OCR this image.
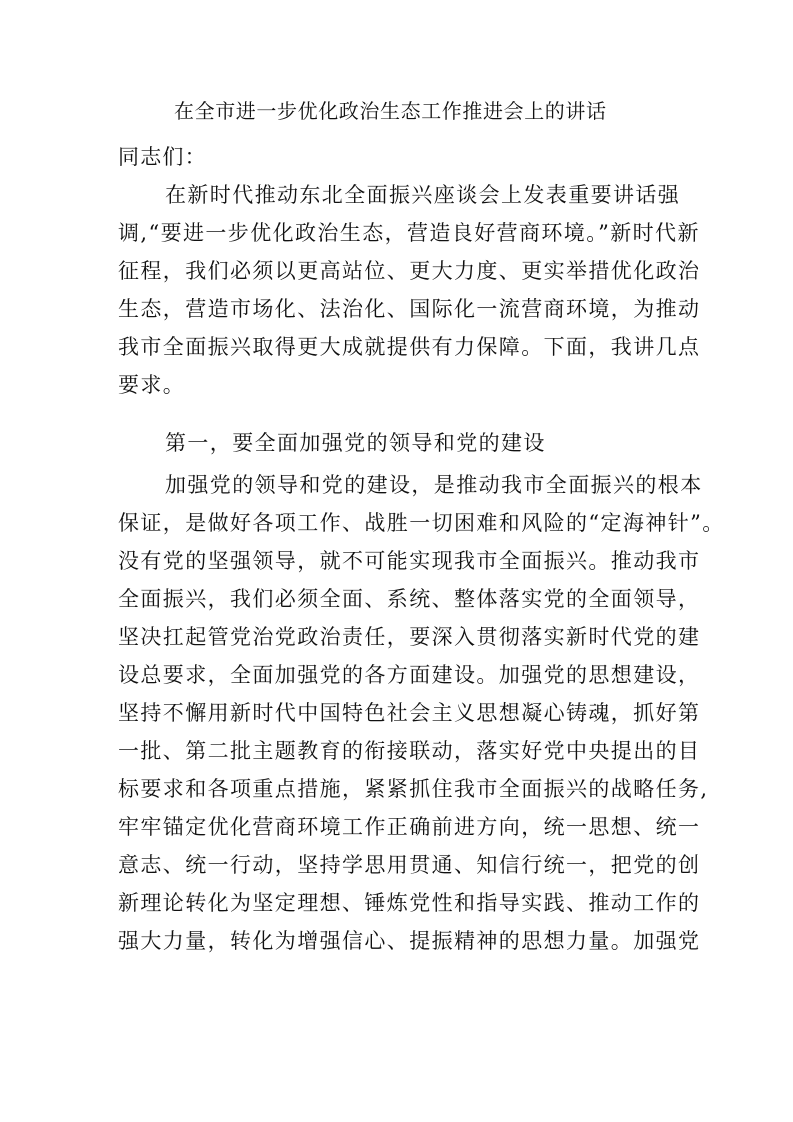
在全市进一步优化政治生态工作推进会上的讲话
同志们：
在新时代推动东北全面振兴座谈会上发表重要讲话强
调,“要进一步优化政治生态，营造良好营商环境。”新时代新
征程，我们必须以更高站位、更大力度、更实举措优化政治
生态，营造市场化、法治化、国际化一流营商环境，为推动
我市全面振兴取得更大成就提供有力保障。下面，我讲几点
要求。
第一，要全面加强党的领导和党的建设
加强党的领导和党的建设，是推动我市全面振兴的根本
保证，是做好各项工作、战胜一切困难和风险的“定海神针”。
没有党的坚强领导，就不可能实现我市全面振兴。推动我市
全面振兴，我们必须全面、系统、整体落实党的全面领导，
坚决扛起管党治党政治责任，要深入贯彻落实新时代党的建
设总要求，全面加强党的各方面建设。加强党的思想建设，
坚持不懈用新时代中国特色社会主义思想凝心铸魂，抓好第
一批、第二批主题教育的衔接联动，落实好党中央提出的目
标要求和各项重点措施，紧紧抓住我市全面振兴的战略任务,
牢牢锚定优化营商环境工作正确前进方向，统一思想、统一
意志、统一行动，坚持学思用贯通、知信行统一，把党的创
新理论转化为坚定理想、锤炼党性和指导实践、推动工作的
强大力量，转化为增强信心、提振精神的思想力量。加强党
